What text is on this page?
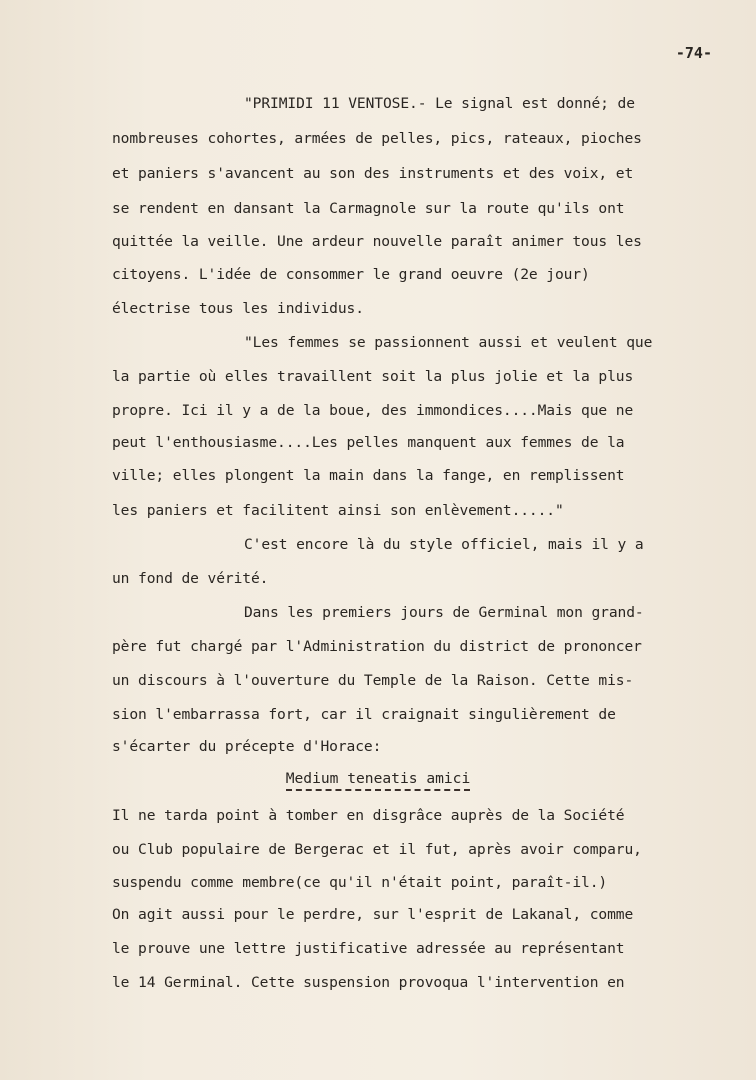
-74-
"PRIMIDI 11 VENTOSE.- Le signal est donné; de
nombreuses cohortes, armées de pelles, pics, rateaux, pioches
et paniers s'avancent au son des instruments et des voix, et
se rendent en dansant la Carmagnole sur la route qu'ils ont
quittée la veille. Une ardeur nouvelle paraît animer tous les
citoyens. L'idée de consommer le grand oeuvre (2e jour)
électrise tous les individus.
"Les femmes se passionnent aussi et veulent que
la partie où elles travaillent soit la plus jolie et la plus
propre. Ici il y a de la boue, des immondices....Mais que ne
peut l'enthousiasme....Les pelles manquent aux femmes de la
ville; elles plongent la main dans la fange, en remplissent
les paniers et facilitent ainsi son enlèvement....."
C'est encore là du style officiel, mais il y a
un fond de vérité.
Dans les premiers jours de Germinal mon grand-
père fut chargé par l'Administration du district de prononcer
un discours à l'ouverture du Temple de la Raison. Cette mis-
sion l'embarrassa fort, car il craignait singulièrement de
s'écarter du précepte d'Horace:
Il ne tarda point à tomber en disgrâce auprès de la Société
ou Club populaire de Bergerac et il fut, après avoir comparu,
suspendu comme membre(ce qu'il n'était point, paraît-il.)
On agit aussi pour le perdre, sur l'esprit de Lakanal, comme
le prouve une lettre justificative adressée au représentant
le 14 Germinal. Cette suspension provoqua l'intervention en
Medium teneatis amici
